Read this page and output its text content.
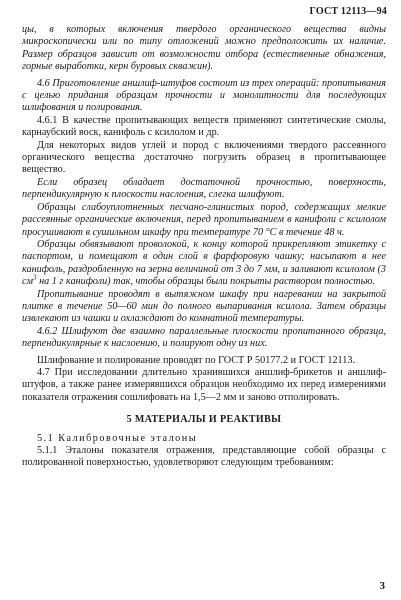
ГОСТ 12113—94

цы, в которых включения твердого органического вещества видны микроскопически или по типу отложений можно предположить их наличие. Размер образцов зависит от возможности отбора (естественные обнажения, горные выработки, керн буровых скважин).

4.6 Приготовление аншлиф-штуфов состоит из трех операций: пропитывания с целью придания образцам прочности и монолитности для последующих шлифования и полирования.

4.6.1 В качестве пропитывающих веществ применяют синтетические смолы, карнаубский воск, канифоль с ксилолом и др.

Для некоторых видов углей и пород с включениями твердого рассеянного органического вещества достаточно погрузить образец в пропитывающее вещество.

Если образец обладает достаточной прочностью, поверхность, перпендикулярную к плоскости наслоения, слегка шлифуют.

Образцы слабоуплотненных песчано-глинистых пород, содержащих мелкие рассеянные органические включения, перед пропитыванием в канифоли с ксилолом просушивают в сушильном шкафу при температуре 70 °C в течение 48 ч.

Образцы обвязывают проволокой, к концу которой прикрепляют этикетку с паспортом, и помещают в один слой в фарфоровую чашку; насыпают в нее канифоль, раздробленную на зерна величиной от 3 до 7 мм, и заливают ксилолом (3 $см^3$ на 1 г канифоли) так, чтобы образцы были покрыты раствором полностью.

Пропитывание проводят в вытяжном шкафу при нагревании на закрытой плитке в течение 50—60 мин до полного выпаривания ксилола. Затем образцы извлекают из чашки и охлаждают до комнатной температуры.

4.6.2 Шлифуют две взаимно параллельные плоскости пропитанного образца, перпендикулярные к наслоению, и полируют одну из них.

Шлифование и полирование проводят по ГОСТ Р 50177.2 и ГОСТ 12113.

4.7 При исследовании длительно хранившихся аншлиф-брикетов и аншлиф-штуфов, а также ранее измерявшихся образцов необходимо их перед измерениями показателя отражения сошлифовать на 1,5—2 мм и заново отполировать.

5 МАТЕРИАЛЫ И РЕАКТИВЫ

5.1 Калибровочные эталоны

5.1.1 Эталоны показателя отражения, представляющие собой образцы с полированной поверхностью, удовлетворяют следующим требованиям:

3
